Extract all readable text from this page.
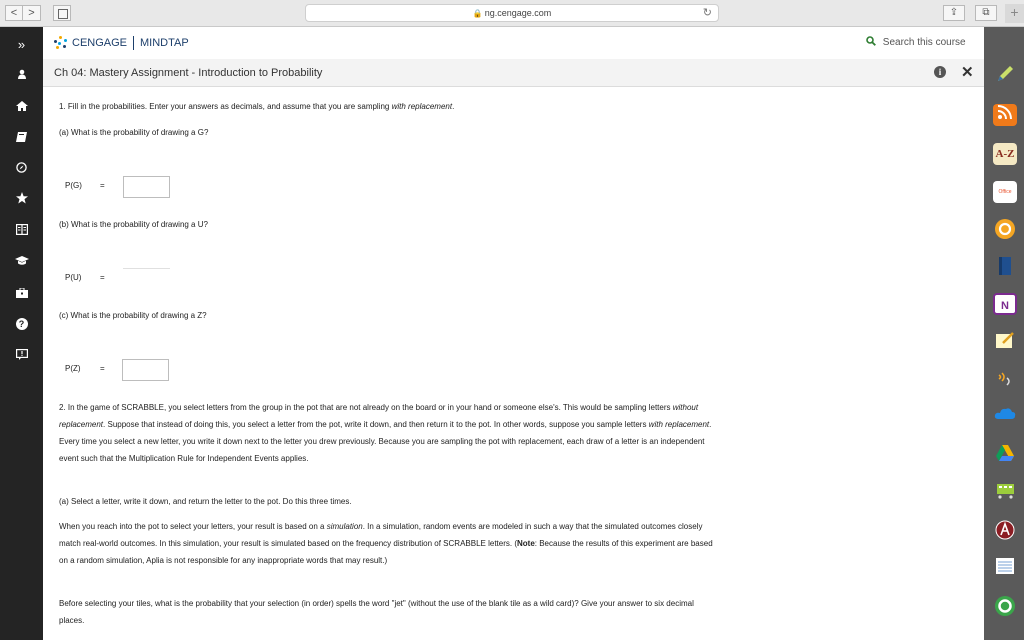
<	>	🔒 ng.cengage.com	↻	⇪	⧉	+
»
?
CENGAGE MINDTAP	Search this course
Ch 04: Mastery Assignment - Introduction to Probability	i	✕
1. Fill in the probabilities. Enter your answers as decimals, and assume that you are sampling with replacement.
(a) What is the probability of drawing a G?
P(G) =
(b) What is the probability of drawing a U?
P(U) =
(c) What is the probability of drawing a Z?
P(Z) =
2. In the game of SCRABBLE, you select letters from the group in the pot that are not already on the board or in your hand or someone else's. This would be sampling letters without replacement. Suppose that instead of doing this, you select a letter from the pot, write it down, and then return it to the pot. In other words, suppose you sample letters with replacement. Every time you select a new letter, you write it down next to the letter you drew previously. Because you are sampling the pot with replacement, each draw of a letter is an independent event such that the Multiplication Rule for Independent Events applies.
(a) Select a letter, write it down, and return the letter to the pot. Do this three times.
When you reach into the pot to select your letters, your result is based on a simulation. In a simulation, random events are modeled in such a way that the simulated outcomes closely match real-world outcomes. In this simulation, your result is simulated based on the frequency distribution of SCRABBLE letters. (Note: Because the results of this experiment are based on a random simulation, Aplia is not responsible for any inappropriate words that may result.)
Before selecting your tiles, what is the probability that your selection (in order) spells the word "jet" (without the use of the blank tile as a wild card)? Give your answer to six decimal places.
A-Z
Office
N
